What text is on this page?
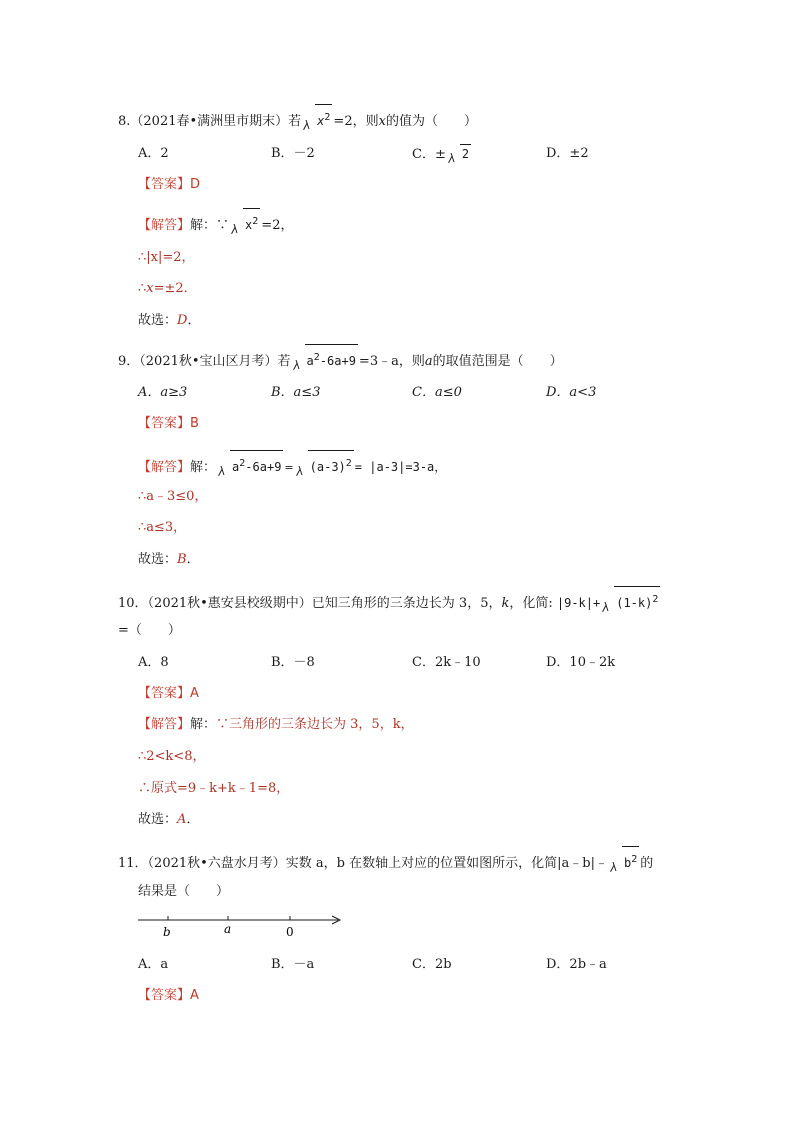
8.（2021春•满洲里市期末）若 $x^2 =2$，则x的值为（　　）
A．2	B．－2	C．± 2	D．±2
【答案】D
【解答】解：∵ $x^2 =2$，
∴|x|=2，
∴x=±2．
故选：D．
9．（2021秋•宝山区月考）若 $a^2-6a+9$ =3﹣a，则a的取值范围是（　　）
A．a≥3	B．a≤3	C．a≤0	D．a<3
【答案】B
【解答】解： $a^2-6a+9 = (a-3)^2 = |a-3|=3-a$，
∴a﹣3≤0，
∴a≤3，
故选：B．
10．（2021秋•惠安县校级期中）已知三角形的三条边长为 3，5，k，化简: $|9-k|+ (1-k)^2$
=（　　）
A．8	B．－8	C．2k﹣10	D．10﹣2k
【答案】A
【解答】解：∵三角形的三条边长为 3，5，k，
∴2<k<8，
∴原式=9﹣k+k﹣1=8，
故选：A．
11．（2021秋•六盘水月考）实数 a，b 在数轴上对应的位置如图所示，化简|a﹣b|﹣ $b^2$ 的
结果是（　　）
b	a	0
A．a	B．－a	C．2b	D．2b﹣a
【答案】A
